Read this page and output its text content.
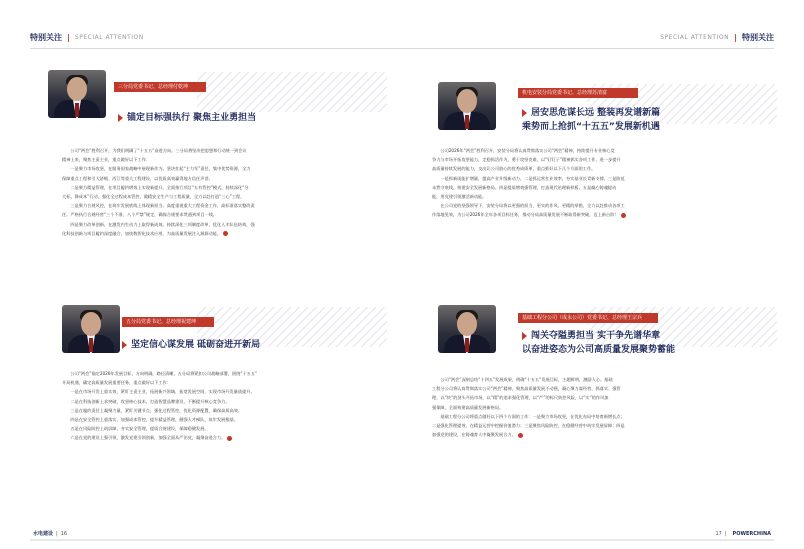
特别关注 | SPECIAL ATTENTION
三分局党委书记、总经理付乾坤
锚定目标强执行 聚焦主业勇担当

公司“两会”胜利召开，为我们明确了“十五五”奋进方向。三分局将坚决把思想和行动统一到会议

精神上来，聚焦主责主业，重点做好以下工作：

一是聚力市场攻坚，在服务国家战略中展现新作为。坚决扛起“主力军”责任，集中优势资源，全力

保障重点工程和引大济岷、西江等重大工程建设，以优质高效赢得地方信任声誉。

二是聚力精益管理，在项目履约增效上实现新提升。全面推行项目“五有管控”模式，持续深化“分

大标、降成本”行动，强化全过程成本管控，做精安全生产与工程质量，全力以赴打造“三心”工程。

三是聚力合规风控，在筑牢发展底线上体现新担当。高度重视重大工程资金工作，高标准落实整改责

任。严格执行合规经营“三个不准、八个严禁”规定，确保合规要求贯通到项目一线。

四是聚力改革创新，在激发内生动力上取得新成效。持续深化三项制度改革，优化人才队伍结构，强

化科技创新与项目履约深度融合，加快数智化技术应用，为高质量发展注入源源动能。

五分局党委书记、总经理祝建坤
坚定信心谋发展 砥砺奋进开新局

公司“两会”锚定2026年发展目标，方向明确，路径清晰。五分局将紧扣公司战略部署，围绕“十五五”

开局机遇，确定高质量发展重要任务，重点做好以下工作：

一是在市场开发上重实效，紧盯主责主业，拓展新兴领域，拓宽发展空间，实现市场开发量质提升。

二是在科技创新上求突破，攻坚核心技术，打造智慧品牌建设，不断提升核心竞争力。

三是在履约责任上凝聚力量，紧盯关键节点，强化过程管控，优化资源配置，确保高质高效。

四是在安全管控上重落实，加强成本管控，提升精益管理，健强人才梯队，筑牢发展根基。

五是在风险防控上筑屏障，夯实安全管理，提质合规建设，保障稳健发展。

六是在党的建设上强引领，激发党建引领创新，加强全面从严治党，凝聚奋进合力。

水电建设 | 16
SPECIAL ATTENTION | 特别关注
机电安装分局党委书记、总经理苏清富
居安思危谋长远 整装再发谱新篇
乘势而上抢抓“十五五”发展新机遇

公司2026年“两会”胜利召开，安装分局将认真贯彻落实公司“两会”精神，持续提升专业核心竞

争力与市场开拓攻坚能力，走稳抓活作为，勇于攻坚克难，以“钉钉子”精神抓实各项工作，进一步提升

高质量持续发展的能力，交出让公司放心的优秀成绩单，重点抓好以下几个方面的工作。

一是抓新质能扩增量，提高产业升级新动力。二是抓运营扛业效率，夯实基业长青新支撑。三是防范

未然守底线，构建安全发展新格局。四是提质增效强管理，打造现代治理新样板。五是凝心铸魂提动

能，用党建引领激活新动能。

在公司党的坚强领导下，安装分局将以更强的担当、更实的作风、更精的举措，全力以赴推动各项工

作落地见效，为公司2026年全年各项目标任务，推动分局高质量发展不断取得新突破，迈上新台阶！

基础工程分公司（成永公司）党委书记、总经理王宗兵
闯关夺隘勇担当 实干争先谱华章
以奋进姿态为公司高质量发展聚势蓄能

公司“两会”深刻总结“十四五”发展成果，明确“十五五”发展目标，主题鲜明，激励人心。基础

工程分公司将认真贯彻落实公司“两会”精神，聚焦高质量发展不动摇，凝心聚力谋经营、抓落实、强管

理，以“快”的劲头开拓市场，以“精”的追求强化管理，以“严”的标尺防控风险，以“实”的作风加

强保障，全面构建高质量发展新格局。

基础工程分公司将重点做好以下四个方面的工作：一是聚力市场攻坚，在优化布局中培育新增长点；

二是强化管理提效，在精益运营中挖掘价值潜力；三是聚焦风险防控，在稳健经营中筑牢发展屏障；四是

加强党的建设，在铸魂育人中凝聚发展合力。

17 | POWERCHINA
